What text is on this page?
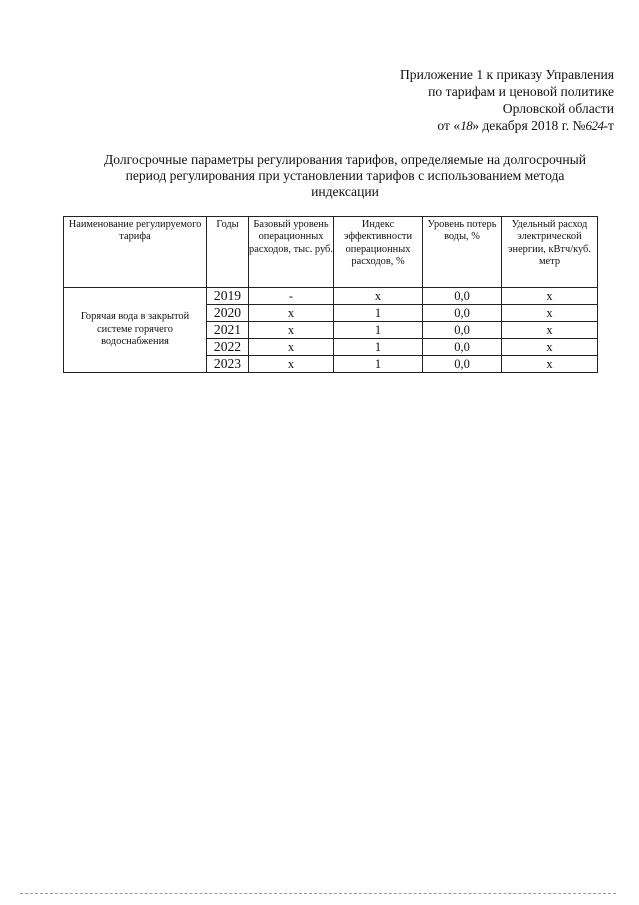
Приложение 1 к приказу Управления
по тарифам и ценовой политике
Орловской области
от «18» декабря 2018 г. №624-т
Долгосрочные параметры регулирования тарифов, определяемые на долгосрочный
период регулирования при установлении тарифов с использованием метода
индексации
Наименование регулируемого тарифа	Годы	Базовый уровень операционных расходов, тыс. руб.	Индекс эффективности операционных расходов, %	Уровень потерь воды, %	Удельный расход электрической энергии, кВтч/куб. метр
Горячая вода в закрытой системе горячего водоснабжения	2019	-	х	0,0	х
	2020	х	1	0,0	х
	2021	х	1	0,0	х
	2022	х	1	0,0	х
	2023	х	1	0,0	х
